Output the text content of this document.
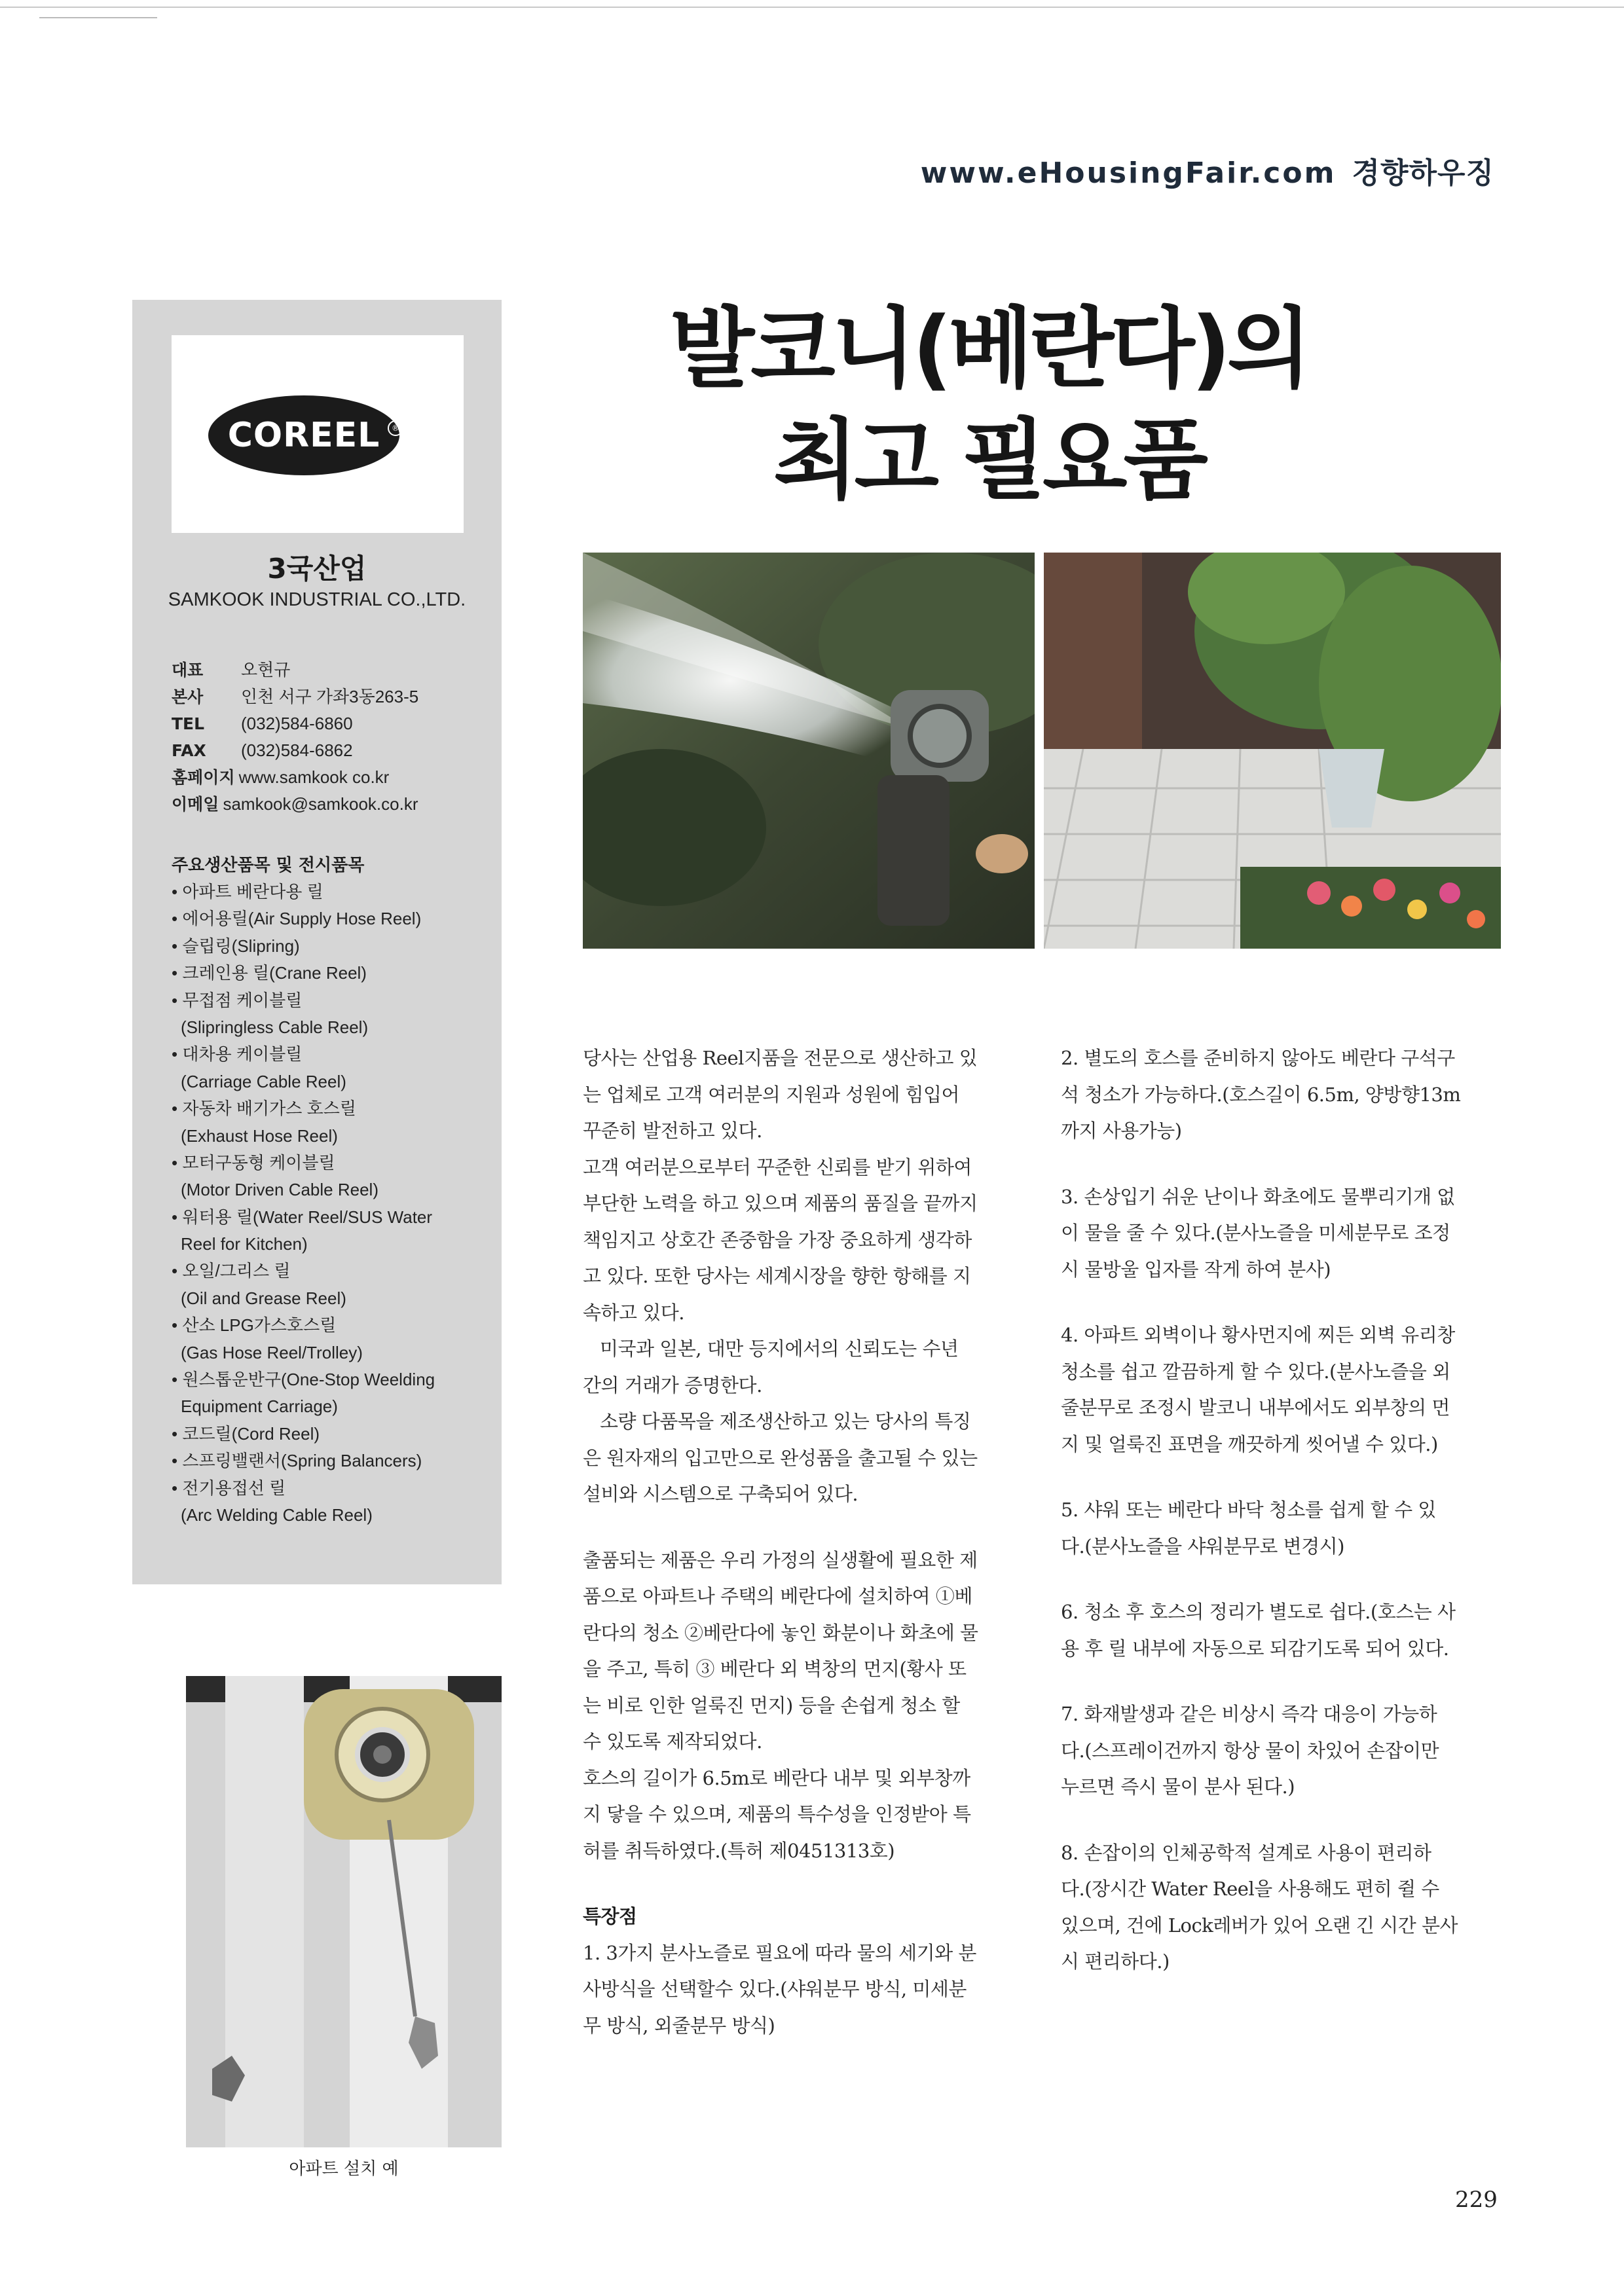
www.eHousingFair.com 경향하우징
COREEL	®
3국산업
SAMKOOK INDUSTRIAL CO.,LTD.
대표 오현규
본사 인천 서구 가좌3동263-5
TEL (032)584-6860
FAX (032)584-6862
홈페이지 www.samkook co.kr
이메일 samkook@samkook.co.kr
주요생산품목 및 전시품목
• 아파트 베란다용 릴
• 에어용릴(Air Supply Hose Reel)
• 슬립링(Slipring)
• 크레인용 릴(Crane Reel)
• 무접점 케이블릴
(Slipringless Cable Reel)
• 대차용 케이블릴
(Carriage Cable Reel)
• 자동차 배기가스 호스릴
(Exhaust Hose Reel)
• 모터구동형 케이블릴
(Motor Driven Cable Reel)
• 워터용 릴(Water Reel/SUS Water
Reel for Kitchen)
• 오일/그리스 릴
(Oil and Grease Reel)
• 산소 LPG가스호스릴
(Gas Hose Reel/Trolley)
• 원스톱운반구(One-Stop Weelding
Equipment Carriage)
• 코드릴(Cord Reel)
• 스프링밸랜서(Spring Balancers)
• 전기용접선 릴
(Arc Welding Cable Reel)
아파트 설치 예
발코니(베란다)의
최고 필요품
당사는 산업용 Reel지품을 전문으로 생산하고 있
는 업체로 고객 여러분의 지원과 성원에 힘입어
꾸준히 발전하고 있다.
고객 여러분으로부터 꾸준한 신뢰를 받기 위하여
부단한 노력을 하고 있으며 제품의 품질을 끝까지
책임지고 상호간 존중함을 가장 중요하게 생각하
고 있다. 또한 당사는 세계시장을 향한 항해를 지
속하고 있다.
미국과 일본, 대만 등지에서의 신뢰도는 수년
간의 거래가 증명한다.
소량 다품목을 제조생산하고 있는 당사의 특징
은 원자재의 입고만으로 완성품을 출고될 수 있는
설비와 시스템으로 구축되어 있다.
출품되는 제품은 우리 가정의 실생활에 필요한 제
품으로 아파트나 주택의 베란다에 설치하여 ①베
란다의 청소 ②베란다에 놓인 화분이나 화초에 물
을 주고, 특히 ③ 베란다 외 벽창의 먼지(황사 또
는 비로 인한 얼룩진 먼지) 등을 손쉽게 청소 할
수 있도록 제작되었다.
호스의 길이가 6.5m로 베란다 내부 및 외부창까
지 닿을 수 있으며, 제품의 특수성을 인정받아 특
허를 취득하였다.(특허 제0451313호)
특장점
1. 3가지 분사노즐로 필요에 따라 물의 세기와 분
사방식을 선택할수 있다.(샤워분무 방식, 미세분
무 방식, 외줄분무 방식)
2. 별도의 호스를 준비하지 않아도 베란다 구석구
석 청소가 가능하다.(호스길이 6.5m, 양방향13m
까지 사용가능)
3. 손상입기 쉬운 난이나 화초에도 물뿌리기개 없
이 물을 줄 수 있다.(분사노즐을 미세분무로 조정
시 물방울 입자를 작게 하여 분사)
4. 아파트 외벽이나 황사먼지에 찌든 외벽 유리창
청소를 쉽고 깔끔하게 할 수 있다.(분사노즐을 외
줄분무로 조정시 발코니 내부에서도 외부창의 먼
지 및 얼룩진 표면을 깨끗하게 씻어낼 수 있다.)
5. 샤워 또는 베란다 바닥 청소를 쉽게 할 수 있
다.(분사노즐을 샤워분무로 변경시)
6. 청소 후 호스의 정리가 별도로 쉽다.(호스는 사
용 후 릴 내부에 자동으로 되감기도록 되어 있다.
7. 화재발생과 같은 비상시 즉각 대응이 가능하
다.(스프레이건까지 항상 물이 차있어 손잡이만
누르면 즉시 물이 분사 된다.)
8. 손잡이의 인체공학적 설계로 사용이 편리하
다.(장시간 Water Reel을 사용해도 편히 쥘 수
있으며, 건에 Lock레버가 있어 오랜 긴 시간 분사
시 편리하다.)
229
